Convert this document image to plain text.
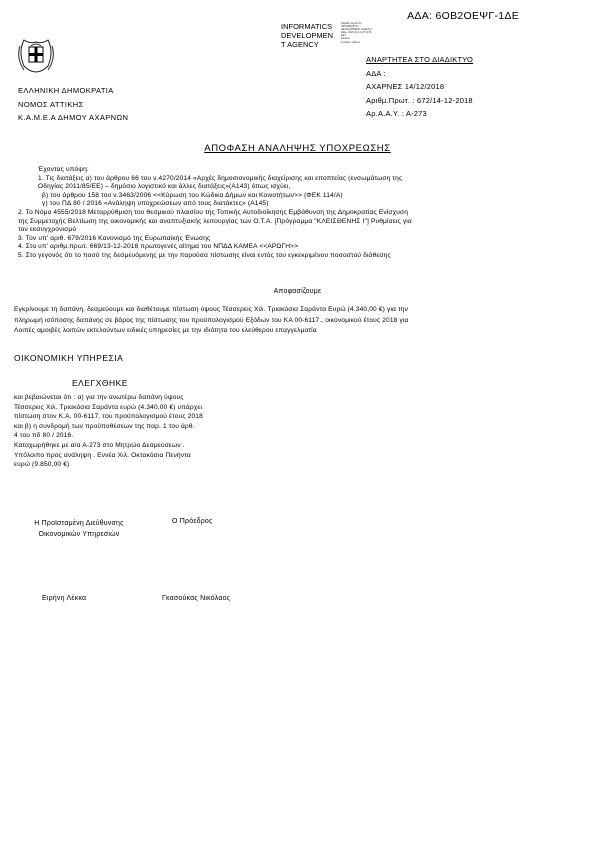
ΑΔΑ: 6ΟΒ2ΟΕΨΓ-1ΔΕ
INFORMATICS
DEVELOPMEN
T AGENCY
Digitally signed by
INFORMATICS
DEVELOPMENT AGENCY
Date: 2018.12.14 17:21:51
EET
Reason:
Location: Athens
ΕΛΛΗΝΙΚΗ ΔΗΜΟΚΡΑΤΙΑ
ΝΟΜΟΣ ΑΤΤΙΚΗΣ
Κ.Α.Μ.Ε.Α ΔΗΜΟΥ ΑΧΑΡΝΩΝ
ΑΝΑΡΤΗΤΕΑ ΣΤΟ ΔΙΑΔΙΚΤΥΟ
ΑΔΑ :
ΑΧΑΡΝΕΣ 14/12/2018
Αριθμ.Πρωτ. : 672/14-12-2018
Αρ.Α.Α.Υ. : Α-273
ΑΠΟΦΑΣΗ ΑΝΑΛΗΨΗΣ ΥΠΟΧΡΕΩΣΗΣ
Έχοντας υπόψη:
1. Τις διατάξεις α) του άρθρου 66 του ν.4270/2014 «Αρχές δημοσιονομικής διαχείρισης και εποπτείας (ενσωμάτωση της
Οδηγίας 2011/85/ΕΕ) – δημόσιο λογιστικό και άλλες διατάξεις»(Α143) όπως ισχύει,
β) του άρθρου 158 του ν.3463/2006 <<Κύρωση του Κώδικα Δήμων και Κοινοτήτων>> (ΦΕΚ 114/Α)
γ) του ΠΔ 80 / 2016 «Ανάληψη υποχρεώσεων από τους διατάκτες» (Α145)
2. Το Νόμο 4555/2018 Μεταρρύθμιση του θεσμικού πλαισίου της Τοπικής Αυτοδιοίκησης Εμβάθυνση της Δημοκρατίας Ενίσχυση
της Συμμετοχής Βελτίωση της οικονομικής και αναπτυξιακής λειτουργίας των Ο.Τ.Α. [Πρόγραμμα "ΚΛΕΙΣΘΕΝΗΣ Ι"] Ρυθμίσεις για
τον εκσυγχρονισμό
3. Τον υπ' αριθ. 679/2016 Κανονισμό της Ευρωπαϊκής Ένωσης
4. Στο υπ' αριθμ.πρωτ. 669/13-12-2018 πρωτογενές αίτημα του ΝΠΔΔ ΚΑΜΕΑ <<ΑΡΩΓΗ>>
5. Στο γεγονός ότι το ποσό της δεσμευόμενης με την παρούσα πίστωσης είναι εντός του εγκεκριμένου ποσοστού διάθεσης
Αποφασίζουμε
Εγκρίνουμε τη δαπάνη, δεσμεύουμε και διαθέτουμε πίστωση ύψους Τέσσερεις Χιλ. Τριακόσια Σαράντα Ευρώ (4.340,00 €) για την
πληρωμή ισόποσης δαπάνης σε βάρος της πίστωσης του προϋπολογισμού Εξόδων του ΚΑ 00-6117., οικονομικού έτους 2018 για
Λοιπές αμοιβές λοιπών εκτελούντων ειδικές υπηρεσίες με την ιδιότητα του ελεύθερου επαγγελματία
ΟΙΚΟΝΟΜΙΚΗ ΥΠΗΡΕΣΙΑ
ΕΛΕΓΧΘΗΚΕ
και βεβαιώνεται ότι : α) για την ανωτέρω δαπάνη ύψους
Τέσσερεις Χιλ. Τριακόσια Σαράντα ευρώ (4.340,00 €) υπάρχει
πίστωση στον Κ.Α. 00-6117. του προϋπολογισμού έτους 2018
και β) η συνδρομή των προϋποθέσεων της παρ. 1 του άρθ.
4 του πδ 80 / 2016.
Καταχωρήθηκε με α/α Α-273 στο Μητρώο Δεσμεύσεων .
Υπόλοιπο προς ανάληψη . Εννέα Χιλ. Οκτακόσια Πενήντα
ευρώ (9.850,00 €)
Η Προϊσταμένη Διεύθυνσης
Οικονομικών Υπηρεσιών
Ο Πρόεδρος
Ειρήνη Λέκκα	Γκασούκας Νικόλαος
